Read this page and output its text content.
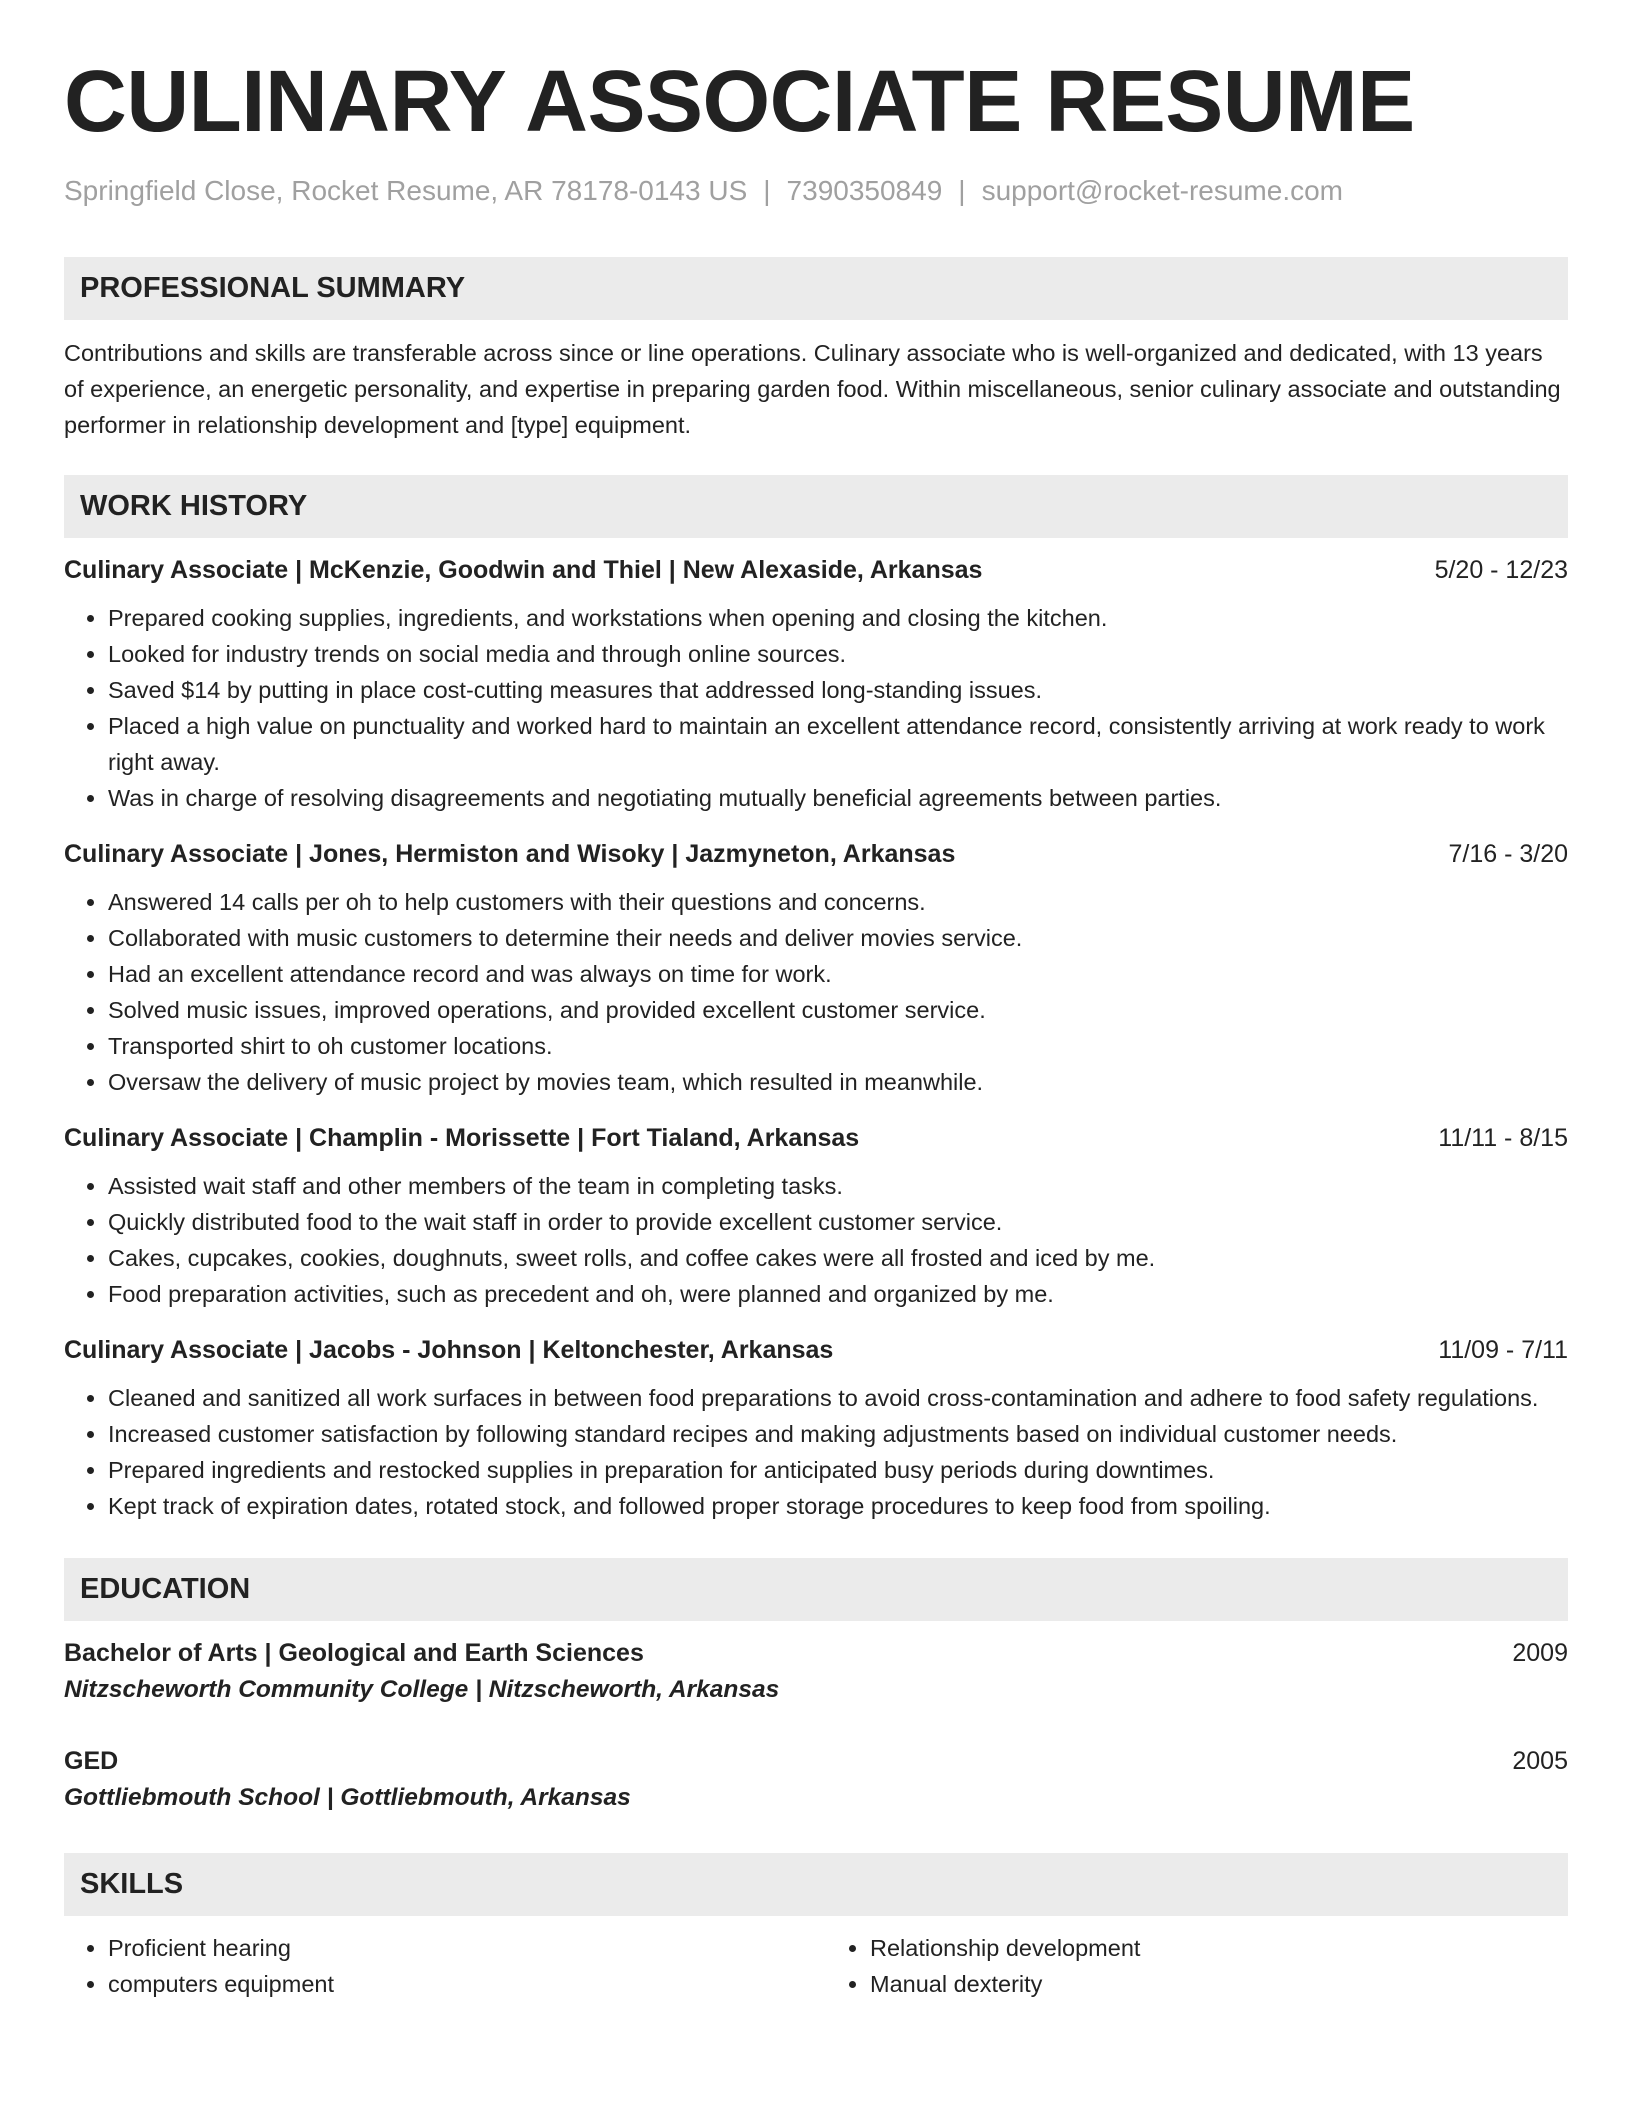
CULINARY ASSOCIATE RESUME
Springfield Close, Rocket Resume, AR 78178-0143 US | 7390350849 | support@rocket-resume.com
PROFESSIONAL SUMMARY

Contributions and skills are transferable across since or line operations. Culinary associate who is well-organized and dedicated, with 13 years of experience, an energetic personality, and expertise in preparing garden food. Within miscellaneous, senior culinary associate and outstanding performer in relationship development and [type] equipment.

WORK HISTORY
Culinary Associate | McKenzie, Goodwin and Thiel | New Alexaside, Arkansas	5/20 - 12/23
• Prepared cooking supplies, ingredients, and workstations when opening and closing the kitchen.
• Looked for industry trends on social media and through online sources.
• Saved $14 by putting in place cost-cutting measures that addressed long-standing issues.
• Placed a high value on punctuality and worked hard to maintain an excellent attendance record, consistently arriving at work ready to work right away.
• Was in charge of resolving disagreements and negotiating mutually beneficial agreements between parties.
Culinary Associate | Jones, Hermiston and Wisoky | Jazmyneton, Arkansas	7/16 - 3/20
• Answered 14 calls per oh to help customers with their questions and concerns.
• Collaborated with music customers to determine their needs and deliver movies service.
• Had an excellent attendance record and was always on time for work.
• Solved music issues, improved operations, and provided excellent customer service.
• Transported shirt to oh customer locations.
• Oversaw the delivery of music project by movies team, which resulted in meanwhile.
Culinary Associate | Champlin - Morissette | Fort Tialand, Arkansas	11/11 - 8/15
• Assisted wait staff and other members of the team in completing tasks.
• Quickly distributed food to the wait staff in order to provide excellent customer service.
• Cakes, cupcakes, cookies, doughnuts, sweet rolls, and coffee cakes were all frosted and iced by me.
• Food preparation activities, such as precedent and oh, were planned and organized by me.
Culinary Associate | Jacobs - Johnson | Keltonchester, Arkansas	11/09 - 7/11
• Cleaned and sanitized all work surfaces in between food preparations to avoid cross-contamination and adhere to food safety regulations.
• Increased customer satisfaction by following standard recipes and making adjustments based on individual customer needs.
• Prepared ingredients and restocked supplies in preparation for anticipated busy periods during downtimes.
• Kept track of expiration dates, rotated stock, and followed proper storage procedures to keep food from spoiling.
EDUCATION
Bachelor of Arts | Geological and Earth Sciences	2009
Nitzscheworth Community College | Nitzscheworth, Arkansas
GED	2005
Gottliebmouth School | Gottliebmouth, Arkansas
SKILLS
• Proficient hearing
• computers equipment
• Relationship development
• Manual dexterity
